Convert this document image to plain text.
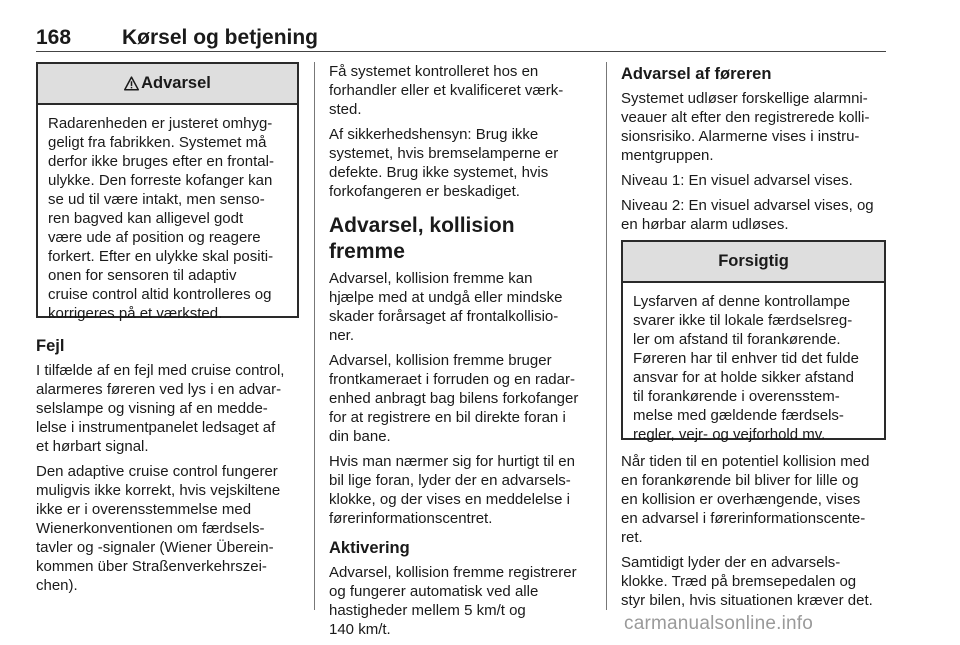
168 Kørsel og betjening
Advarsel

Radarenheden er justeret omhyg-
geligt fra fabrikken. Systemet må
derfor ikke bruges efter en frontal-
ulykke. Den forreste kofanger kan
se ud til være intakt, men senso-
ren bagved kan alligevel godt
være ude af position og reagere
forkert. Efter en ulykke skal positi-
onen for sensoren til adaptiv
cruise control altid kontrolleres og
korrigeres på et værksted.

Fejl

I tilfælde af en fejl med cruise control,
alarmeres føreren ved lys i en advar-
selslampe og visning af en medde-
lelse i instrumentpanelet ledsaget af
et hørbart signal.

Den adaptive cruise control fungerer
muligvis ikke korrekt, hvis vejskiltene
ikke er i overensstemmelse med
Wienerkonventionen om færdsels-
tavler og -signaler (Wiener Überein-
kommen über Straßenverkehrszei-
chen).

Få systemet kontrolleret hos en
forhandler eller et kvalificeret værk-
sted.

Af sikkerhedshensyn: Brug ikke
systemet, hvis bremselamperne er
defekte. Brug ikke systemet, hvis
forkofangeren er beskadiget.

Advarsel, kollision fremme

Advarsel, kollision fremme kan
hjælpe med at undgå eller mindske
skader forårsaget af frontalkollisio-
ner.

Advarsel, kollision fremme bruger
frontkameraet i forruden og en radar-
enhed anbragt bag bilens forkofanger
for at registrere en bil direkte foran i
din bane.

Hvis man nærmer sig for hurtigt til en
bil lige foran, lyder der en advarsels-
klokke, og der vises en meddelelse i
førerinformationscentret.

Aktivering

Advarsel, kollision fremme registrerer
og fungerer automatisk ved alle
hastigheder mellem 5 km/t og
140 km/t.

Advarsel af føreren

Systemet udløser forskellige alarmni-
veauer alt efter den registrerede kolli-
sionsrisiko. Alarmerne vises i instru-
mentgruppen.

Niveau 1: En visuel advarsel vises.

Niveau 2: En visuel advarsel vises, og
en hørbar alarm udløses.

Forsigtig

Lysfarven af denne kontrollampe
svarer ikke til lokale færdselsreg-
ler om afstand til forankørende.
Føreren har til enhver tid det fulde
ansvar for at holde sikker afstand
til forankørende i overensstem-
melse med gældende færdsels-
regler, vejr- og vejforhold mv.

Når tiden til en potentiel kollision med
en forankørende bil bliver for lille og
en kollision er overhængende, vises
en advarsel i førerinformationscente-
ret.

Samtidigt lyder der en advarsels-
klokke. Træd på bremsepedalen og
styr bilen, hvis situationen kræver det.

carmanualsonline.info
